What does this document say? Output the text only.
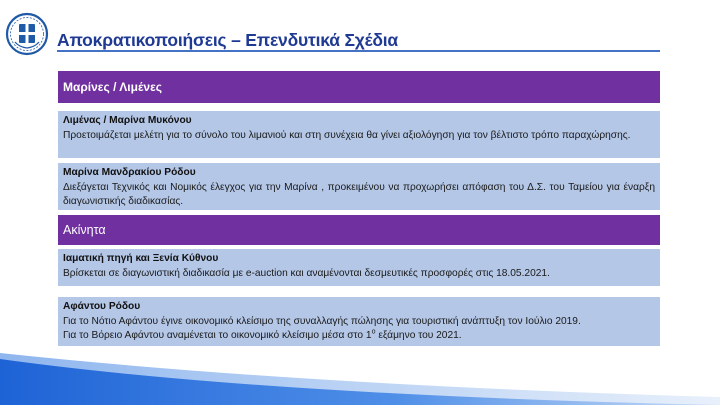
Αποκρατικοποιήσεις – Επενδυτικά Σχέδια
Μαρίνες / Λιμένες
Λιμένας / Μαρίνα Μυκόνου
Προετοιμάζεται μελέτη για το σύνολο του λιμανιού και στη συνέχεια θα γίνει αξιολόγηση για τον βέλτιστο τρόπο παραχώρησης.
Μαρίνα Μανδρακίου Ρόδου
Διεξάγεται Τεχνικός και Νομικός έλεγχος για την Μαρίνα , προκειμένου να προχωρήσει απόφαση του Δ.Σ. του Ταμείου για έναρξη διαγωνιστικής διαδικασίας.
Ακίνητα
Ιαματική πηγή και Ξενία Κύθνου
Βρίσκεται σε διαγωνιστική διαδικασία με e-auction και αναμένονται δεσμευτικές προσφορές στις 18.05.2021.
Αφάντου Ρόδου
Για το Νότιο Αφάντου έγινε οικονομικό κλείσιμο της συναλλαγής πώλησης για τουριστική ανάπτυξη τον Ιούλιο 2019.
Για το Βόρειο Αφάντου αναμένεται το οικονομικό κλείσιμο μέσα στο $1^o$ εξάμηνο του 2021.
